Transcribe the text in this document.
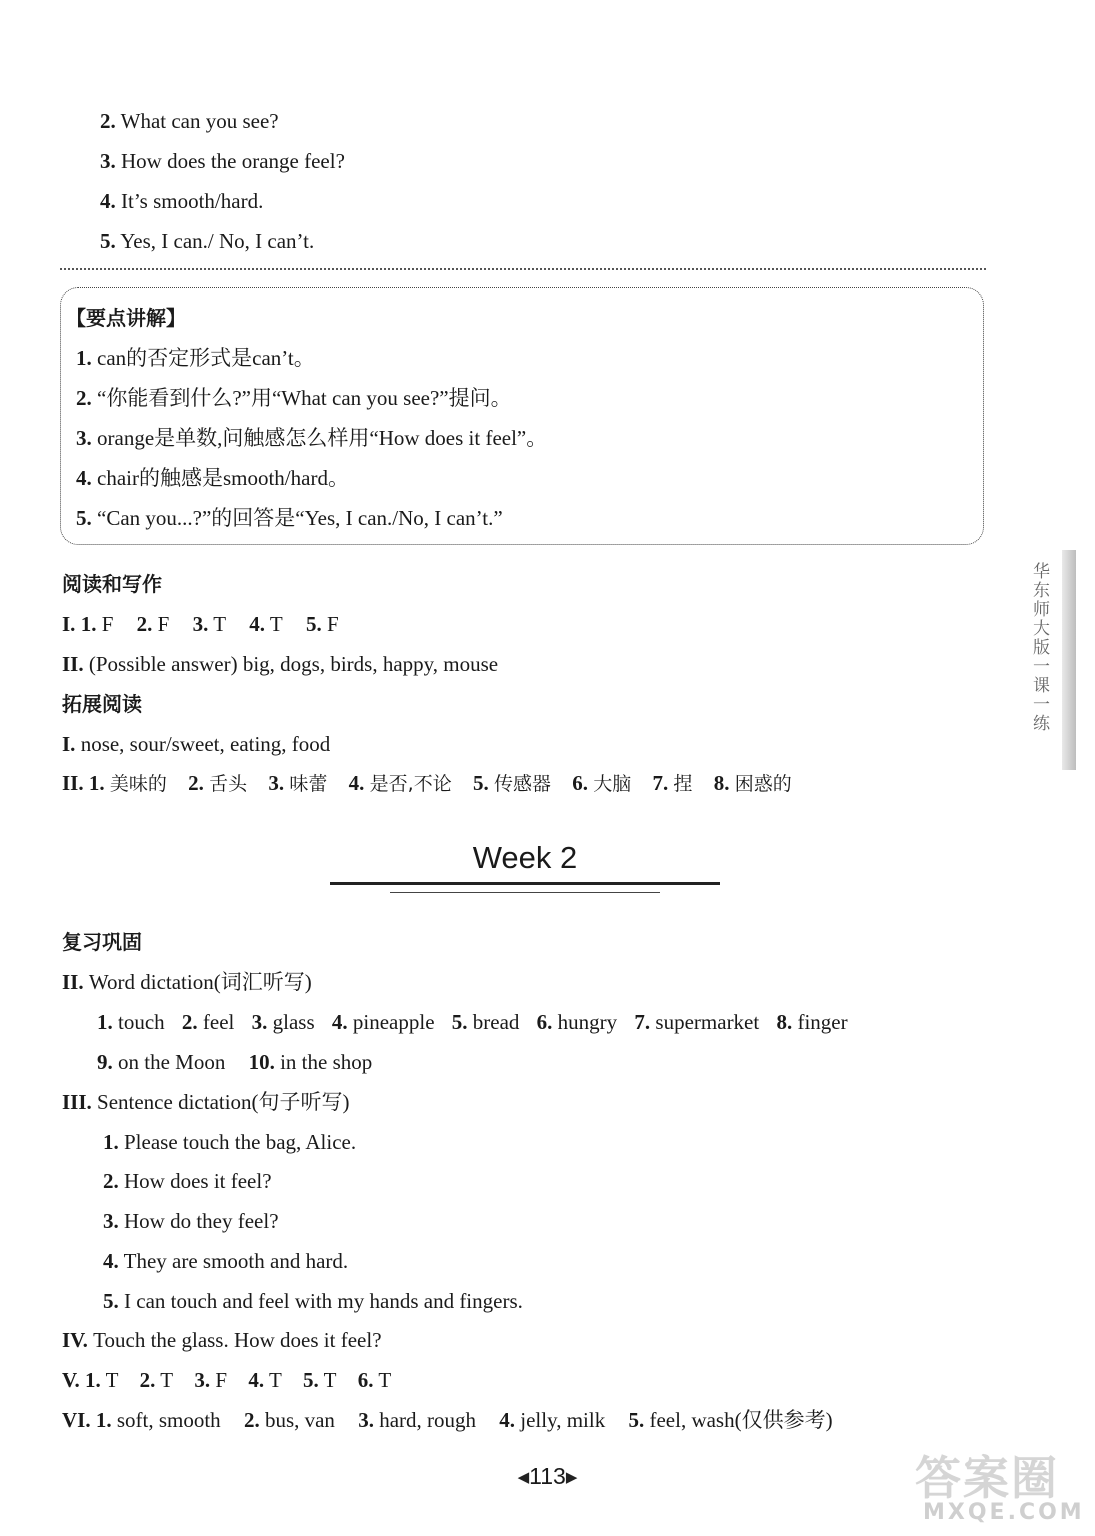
2. What can you see?
3. How does the orange feel?
4. It’s smooth/hard.
5. Yes, I can./ No, I can’t.
【要点讲解】
1. can的否定形式是can’t。
2. “你能看到什么?”用“What can you see?”提问。
3. orange是单数,问触感怎么样用“How does it feel”。
4. chair的触感是smooth/hard。
5. “Can you...?”的回答是“Yes, I can./No, I can’t.”
阅读和写作
I. 1. F 2. F 3. T 4. T 5. F
II. (Possible answer) big, dogs, birds, happy, mouse
拓展阅读
I. nose, sour/sweet, eating, food
II. 1. 美味的 2. 舌头 3. 味蕾 4. 是否,不论 5. 传感器 6. 大脑 7. 捏 8. 困惑的
Week 2
复习巩固
II. Word dictation(词汇听写)
1. touch 2. feel 3. glass 4. pineapple 5. bread 6. hungry 7. supermarket 8. finger
9. on the Moon 10. in the shop
III. Sentence dictation(句子听写)
1. Please touch the bag, Alice.
2. How does it feel?
3. How do they feel?
4. They are smooth and hard.
5. I can touch and feel with my hands and fingers.
IV. Touch the glass. How does it feel?
V. 1. T 2. T 3. F 4. T 5. T 6. T
VI. 1. soft, smooth 2. bus, van 3. hard, rough 4. jelly, milk 5. feel, wash(仅供参考)
华东师大版一课一练
◀113▶	答案圈
MXQE.COM
